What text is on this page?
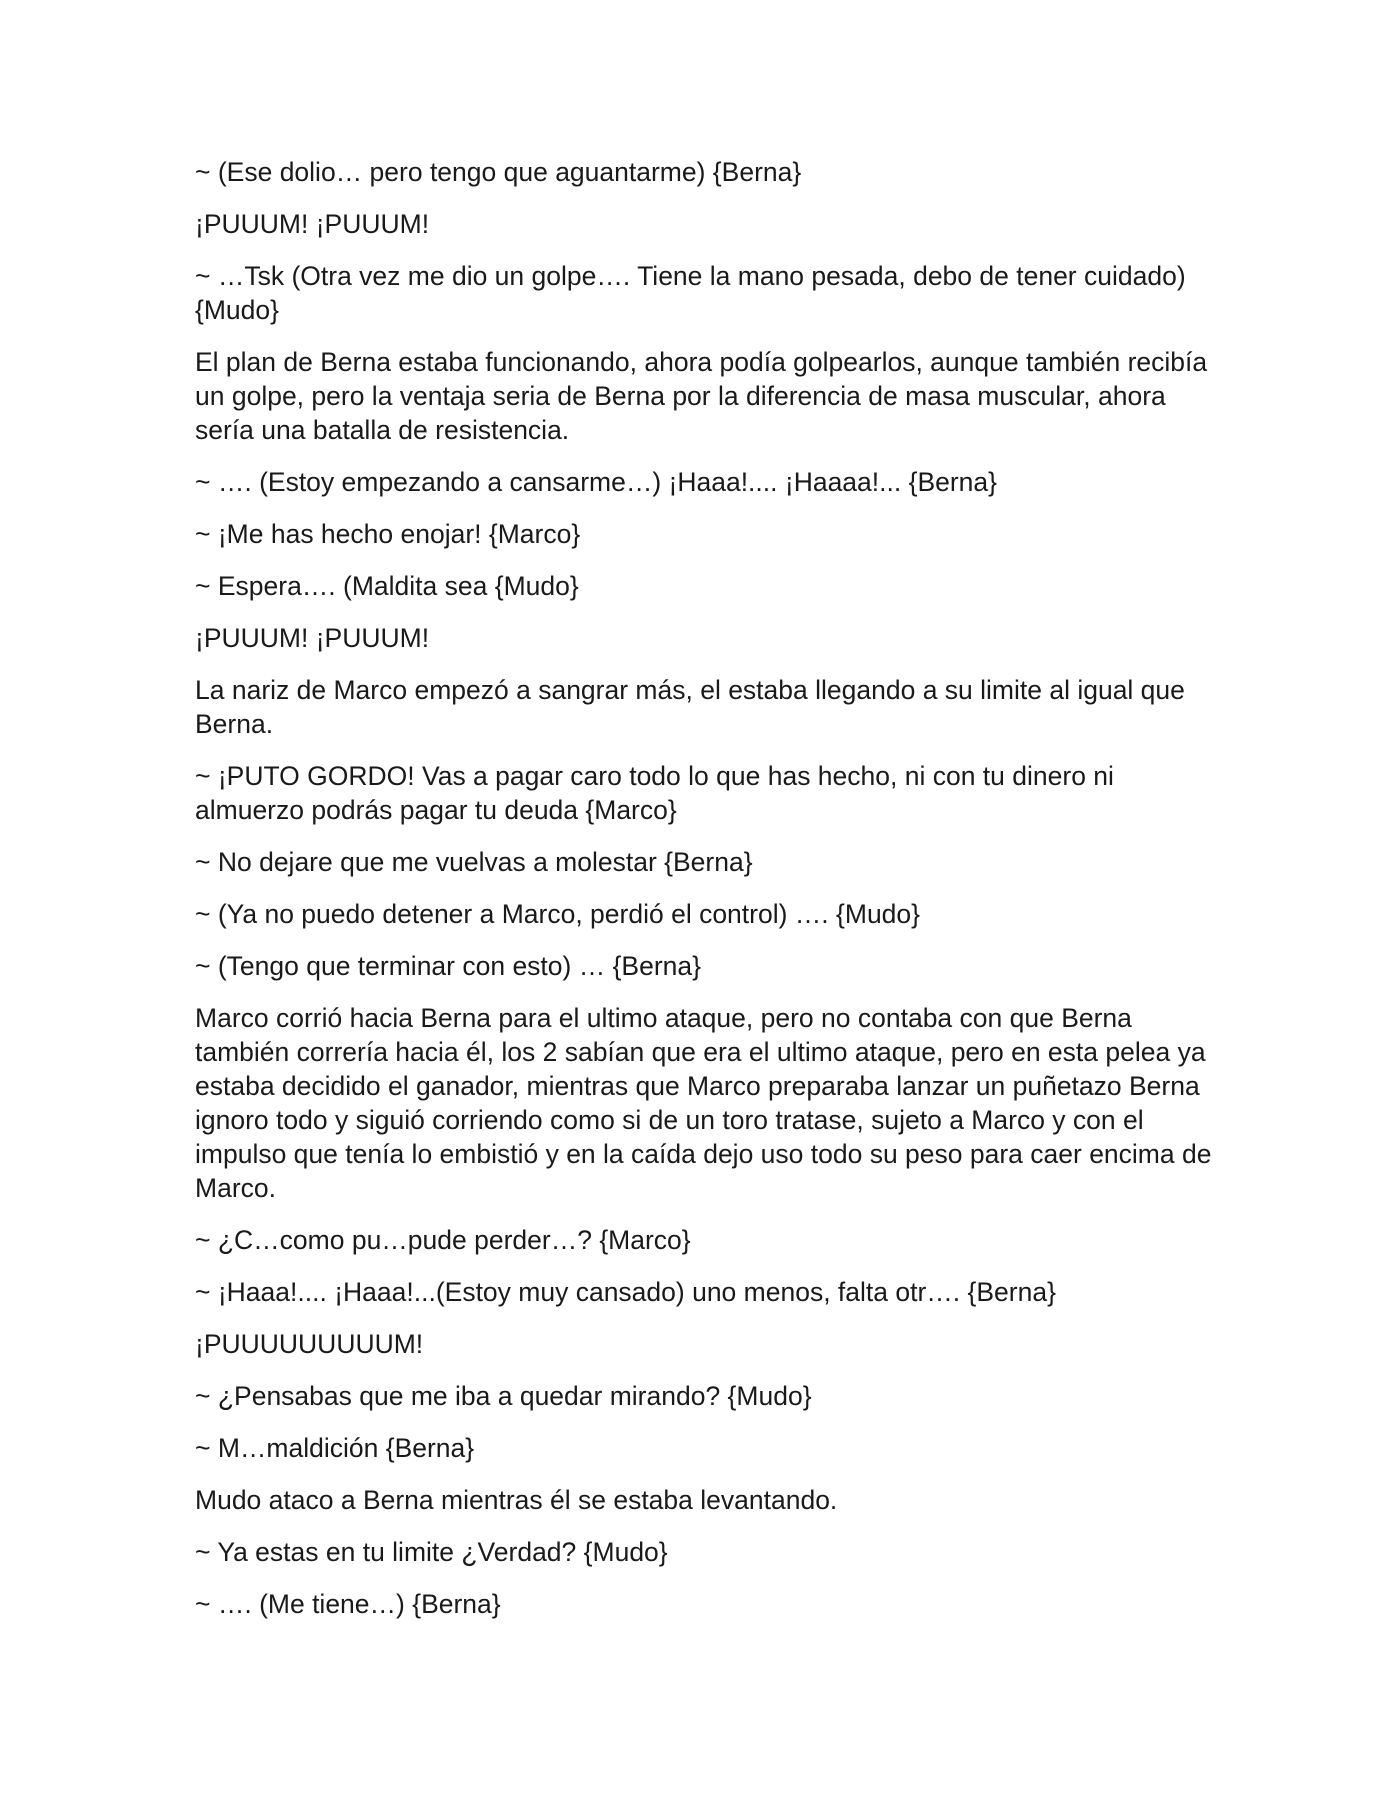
~ (Ese dolio… pero tengo que aguantarme) {Berna}

¡PUUUM! ¡PUUUM!

~ …Tsk (Otra vez me dio un golpe…. Tiene la mano pesada, debo de tener cuidado) {Mudo}

El plan de Berna estaba funcionando, ahora podía golpearlos, aunque también recibía un golpe, pero la ventaja seria de Berna por la diferencia de masa muscular, ahora sería una batalla de resistencia.

~ …. (Estoy empezando a cansarme…) ¡Haaa!.... ¡Haaaa!... {Berna}

~ ¡Me has hecho enojar! {Marco}

~ Espera…. (Maldita sea {Mudo}

¡PUUUM! ¡PUUUM!

La nariz de Marco empezó a sangrar más, el estaba llegando a su limite al igual que Berna.

~ ¡PUTO GORDO! Vas a pagar caro todo lo que has hecho, ni con tu dinero ni almuerzo podrás pagar tu deuda {Marco}

~ No dejare que me vuelvas a molestar {Berna}

~ (Ya no puedo detener a Marco, perdió el control) …. {Mudo}

~ (Tengo que terminar con esto) … {Berna}

Marco corrió hacia Berna para el ultimo ataque, pero no contaba con que Berna también correría hacia él, los 2 sabían que era el ultimo ataque, pero en esta pelea ya estaba decidido el ganador, mientras que Marco preparaba lanzar un puñetazo Berna ignoro todo y siguió corriendo como si de un toro tratase, sujeto a Marco y con el impulso que tenía lo embistió y en la caída dejo uso todo su peso para caer encima de Marco.

~ ¿C…como pu…pude perder…? {Marco}

~ ¡Haaa!.... ¡Haaa!...(Estoy muy cansado) uno menos, falta otr…. {Berna}

¡PUUUUUUUUUM!

~ ¿Pensabas que me iba a quedar mirando? {Mudo}

~ M…maldición {Berna}

Mudo ataco a Berna mientras él se estaba levantando.

~ Ya estas en tu limite ¿Verdad? {Mudo}

~ …. (Me tiene…) {Berna}
